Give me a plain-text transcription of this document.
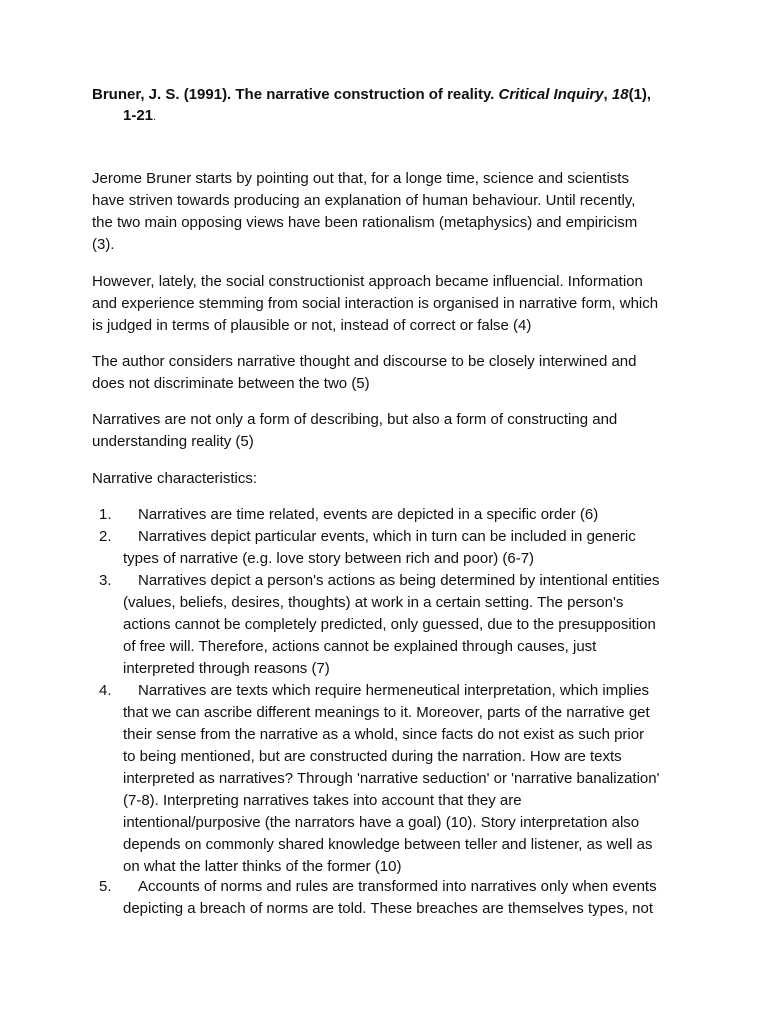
Bruner, J. S. (1991). The narrative construction of reality. Critical Inquiry, 18(1),
1-21.

Jerome Bruner starts by pointing out that, for a longe time, science and scientists
have striven towards producing an explanation of human behaviour. Until recently,
the two main opposing views have been rationalism (metaphysics) and empiricism
(3).

However, lately, the social constructionist approach became influencial. Information
and experience stemming from social interaction is organised in narrative form, which
is judged in terms of plausible or not, instead of correct or false (4)

The author considers narrative thought and discourse to be closely interwined and
does not discriminate between the two (5)

Narratives are not only a form of describing, but also a form of constructing and
understanding reality (5)

Narrative characteristics:

1.	Narratives are time related, events are depicted in a specific order (6)
2.	Narratives depict particular events, which in turn can be included in generic
types of narrative (e.g. love story between rich and poor) (6-7)
3.	Narratives depict a person's actions as being determined by intentional entities
(values, beliefs, desires, thoughts) at work in a certain setting. The person's
actions cannot be completely predicted, only guessed, due to the presupposition
of free will. Therefore, actions cannot be explained through causes, just
interpreted through reasons (7)
4.	Narratives are texts which require hermeneutical interpretation, which implies
that we can ascribe different meanings to it. Moreover, parts of the narrative get
their sense from the narrative as a whold, since facts do not exist as such prior
to being mentioned, but are constructed during the narration. How are texts
interpreted as narratives? Through 'narrative seduction' or 'narrative banalization'
(7-8). Interpreting narratives takes into account that they are
intentional/purposive (the narrators have a goal) (10). Story interpretation also
depends on commonly shared knowledge between teller and listener, as well as
on what the latter thinks of the former (10)
5.	Accounts of norms and rules are transformed into narratives only when events
depicting a breach of norms are told. These breaches are themselves types, not
